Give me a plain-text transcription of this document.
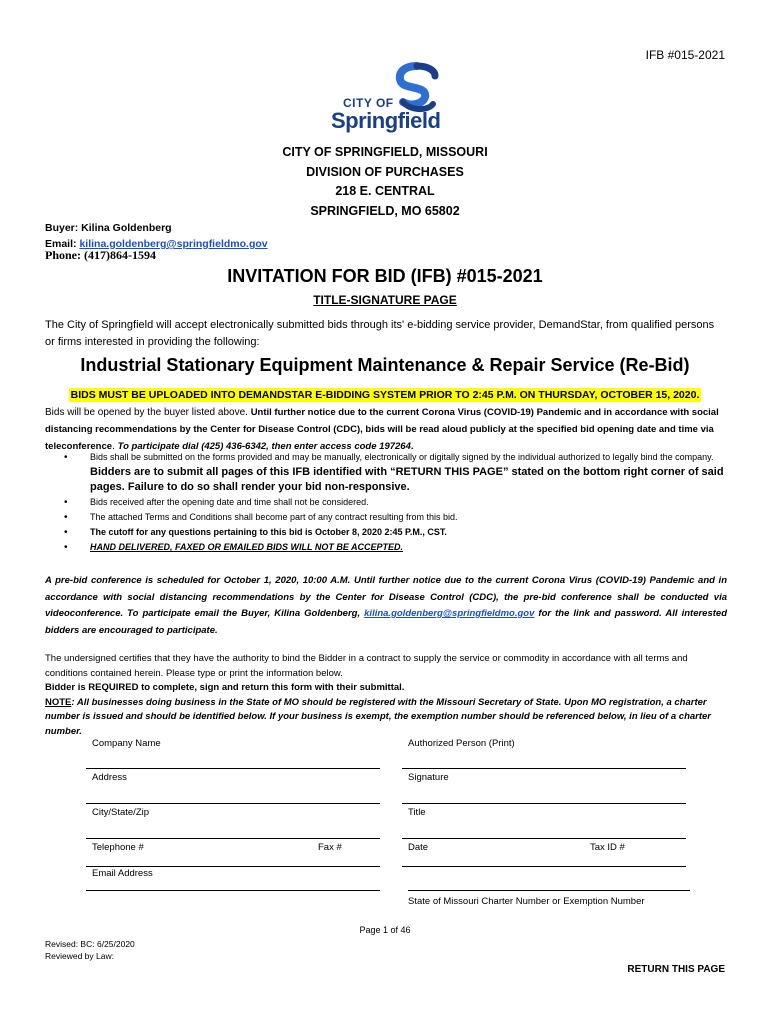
IFB #015-2021
CITY OF
Springfield
CITY OF SPRINGFIELD, MISSOURI
DIVISION OF PURCHASES
218 E. CENTRAL
SPRINGFIELD, MO 65802
Buyer: Kilina Goldenberg
Email: kilina.goldenberg@springfieldmo.gov
Phone: (417)864-1594
INVITATION FOR BID (IFB) #015-2021
TITLE-SIGNATURE PAGE
The City of Springfield will accept electronically submitted bids through its' e-bidding service provider, DemandStar, from qualified persons or firms interested in providing the following:
Industrial Stationary Equipment Maintenance & Repair Service (Re-Bid)
BIDS MUST BE UPLOADED INTO DEMANDSTAR E-BIDDING SYSTEM PRIOR TO 2:45 P.M. ON THURSDAY, OCTOBER 15, 2020.
Bids will be opened by the buyer listed above. Until further notice due to the current Corona Virus (COVID-19) Pandemic and in accordance with social distancing recommendations by the Center for Disease Control (CDC), bids will be read aloud publicly at the specified bid opening date and time via teleconference. To participate dial (425) 436-6342, then enter access code 197264.
• Bids shall be submitted on the forms provided and may be manually, electronically or digitally signed by the individual authorized to legally bind the company. Bidders are to submit all pages of this IFB identified with “RETURN THIS PAGE” stated on the bottom right corner of said pages. Failure to do so shall render your bid non-responsive.
• Bids received after the opening date and time shall not be considered.
• The attached Terms and Conditions shall become part of any contract resulting from this bid.
• The cutoff for any questions pertaining to this bid is October 8, 2020 2:45 P.M., CST.
• HAND DELIVERED, FAXED OR EMAILED BIDS WILL NOT BE ACCEPTED.
A pre-bid conference is scheduled for October 1, 2020, 10:00 A.M. Until further notice due to the current Corona Virus (COVID-19) Pandemic and in accordance with social distancing recommendations by the Center for Disease Control (CDC), the pre-bid conference shall be conducted via videoconference. To participate email the Buyer, Kilina Goldenberg, kilina.goldenberg@springfieldmo.gov for the link and password. All interested bidders are encouraged to participate.
The undersigned certifies that they have the authority to bind the Bidder in a contract to supply the service or commodity in accordance with all terms and conditions contained herein. Please type or print the information below.
Bidder is REQUIRED to complete, sign and return this form with their submittal.
NOTE: All businesses doing business in the State of MO should be registered with the Missouri Secretary of State. Upon MO registration, a charter number is issued and should be identified below. If your business is exempt, the exemption number should be referenced below, in lieu of a charter number.
Company Name	Authorized Person (Print)
Address	Signature
City/State/Zip	Title
Telephone #	Fax #	Date	Tax ID #
Email Address
State of Missouri Charter Number or Exemption Number
Page 1 of 46
Revised: BC: 6/25/2020
Reviewed by Law:
RETURN THIS PAGE
